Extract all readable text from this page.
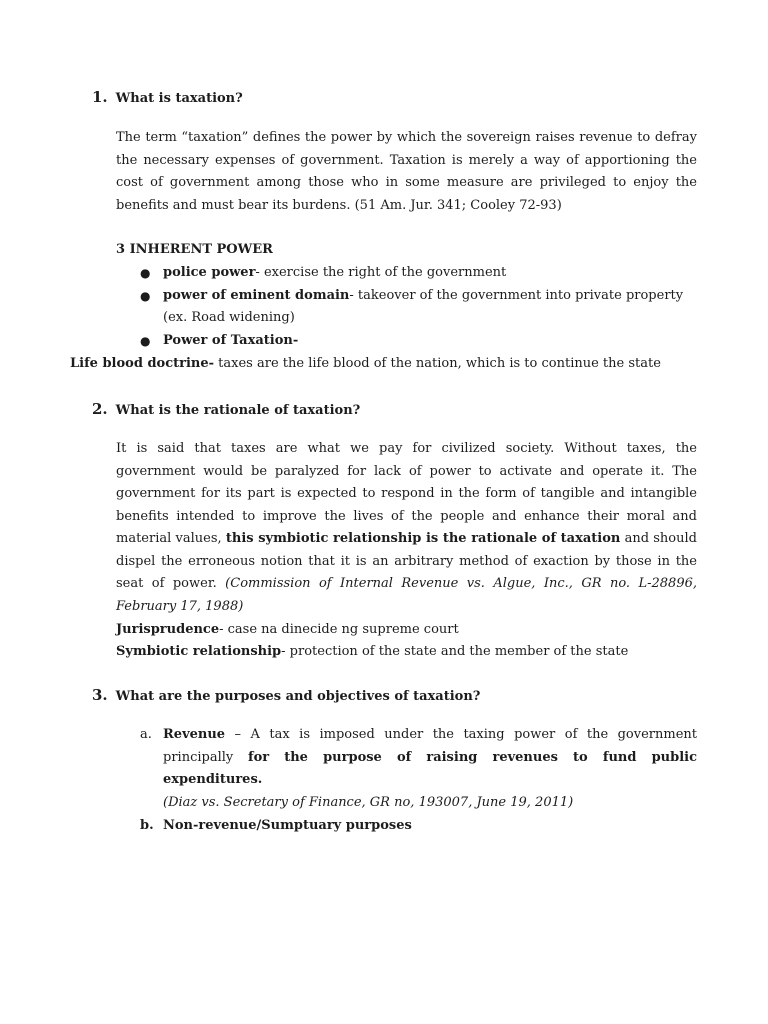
1. What is taxation?
The term “taxation” defines the power by which the sovereign raises revenue to defray the necessary expenses of government. Taxation is merely a way of apportioning the cost of government among those who in some measure are privileged to enjoy the benefits and must bear its burdens. (51 Am. Jur. 341; Cooley 72-93)
3 INHERENT POWER
● police power- exercise the right of the government
● power of eminent domain- takeover of the government into private property (ex. Road widening)
● Power of Taxation-
Life blood doctrine- taxes are the life blood of the nation, which is to continue the state
2. What is the rationale of taxation?
It is said that taxes are what we pay for civilized society. Without taxes, the government would be paralyzed for lack of power to activate and operate it. The government for its part is expected to respond in the form of tangible and intangible benefits intended to improve the lives of the people and enhance their moral and material values, this symbiotic relationship is the rationale of taxation and should dispel the erroneous notion that it is an arbitrary method of exaction by those in the seat of power. (Commission of Internal Revenue vs. Algue, Inc., GR no. L-28896, February 17, 1988)
Jurisprudence- case na dinecide ng supreme court
Symbiotic relationship- protection of the state and the member of the state
3. What are the purposes and objectives of taxation?
a. Revenue – A tax is imposed under the taxing power of the government principally for the purpose of raising revenues to fund public expenditures.
(Diaz vs. Secretary of Finance, GR no, 193007, June 19, 2011)
b. Non-revenue/Sumptuary purposes
